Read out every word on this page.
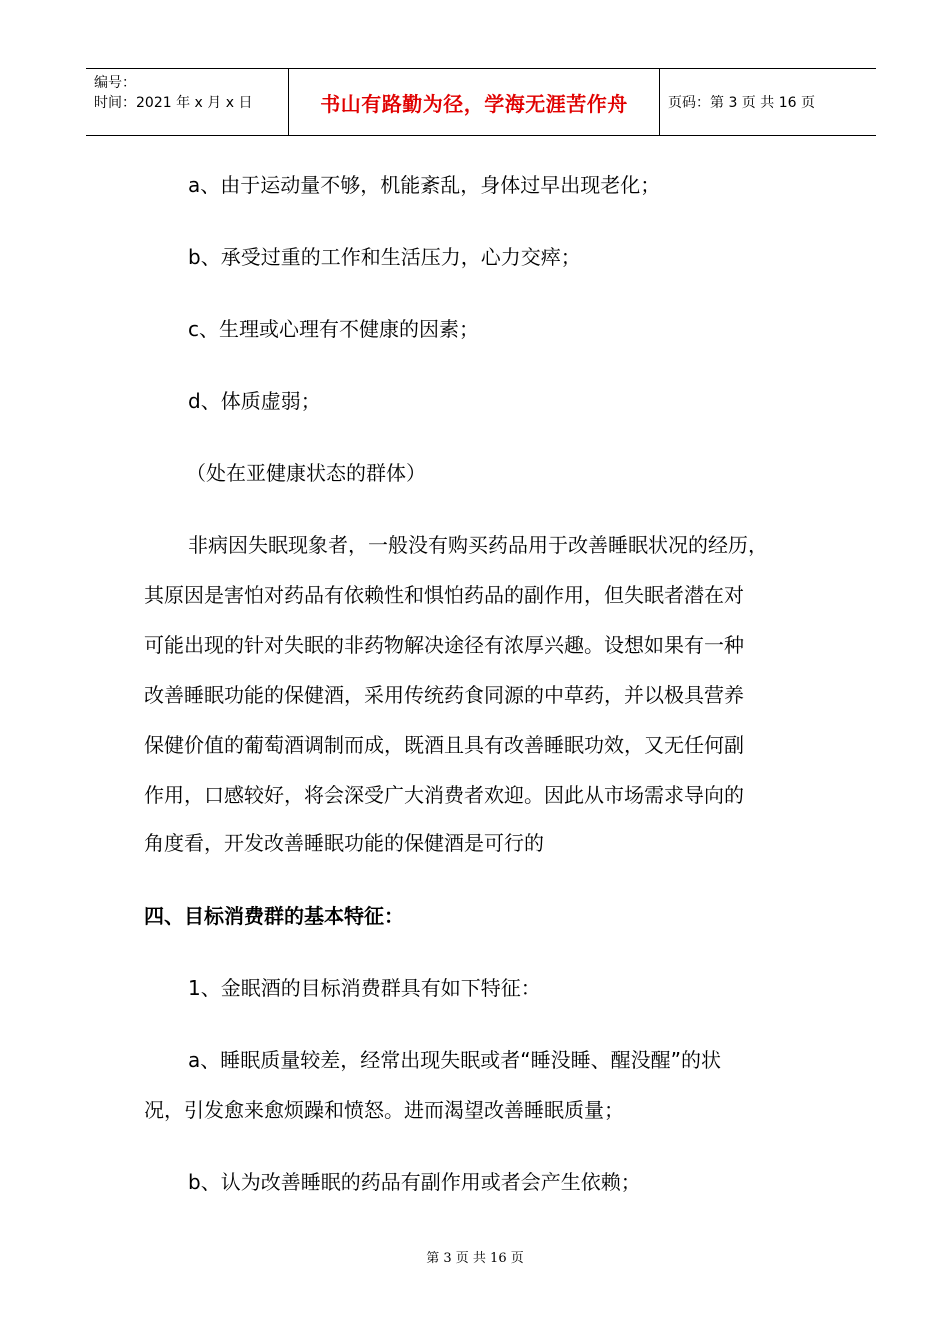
编号：
时间：2021 年 x 月 x 日	书山有路勤为径，学海无涯苦作舟	页码：第 3 页 共 16 页
a、由于运动量不够，机能紊乱，身体过早出现老化；
b、承受过重的工作和生活压力，心力交瘁；
c、生理或心理有不健康的因素；
d、体质虚弱；
（处在亚健康状态的群体）
非病因失眠现象者，一般没有购买药品用于改善睡眠状况的经历，
其原因是害怕对药品有依赖性和惧怕药品的副作用，但失眠者潜在对
可能出现的针对失眠的非药物解决途径有浓厚兴趣。设想如果有一种
改善睡眠功能的保健酒，采用传统药食同源的中草药，并以极具营养
保健价值的葡萄酒调制而成，既酒且具有改善睡眠功效，又无任何副
作用，口感较好，将会深受广大消费者欢迎。因此从市场需求导向的
角度看，开发改善睡眠功能的保健酒是可行的
四、目标消费群的基本特征：
1、金眠酒的目标消费群具有如下特征：
a、睡眠质量较差，经常出现失眠或者“睡没睡、醒没醒”的状
况，引发愈来愈烦躁和愤怒。进而渴望改善睡眠质量；
b、认为改善睡眠的药品有副作用或者会产生依赖；
第 3 页 共 16 页
